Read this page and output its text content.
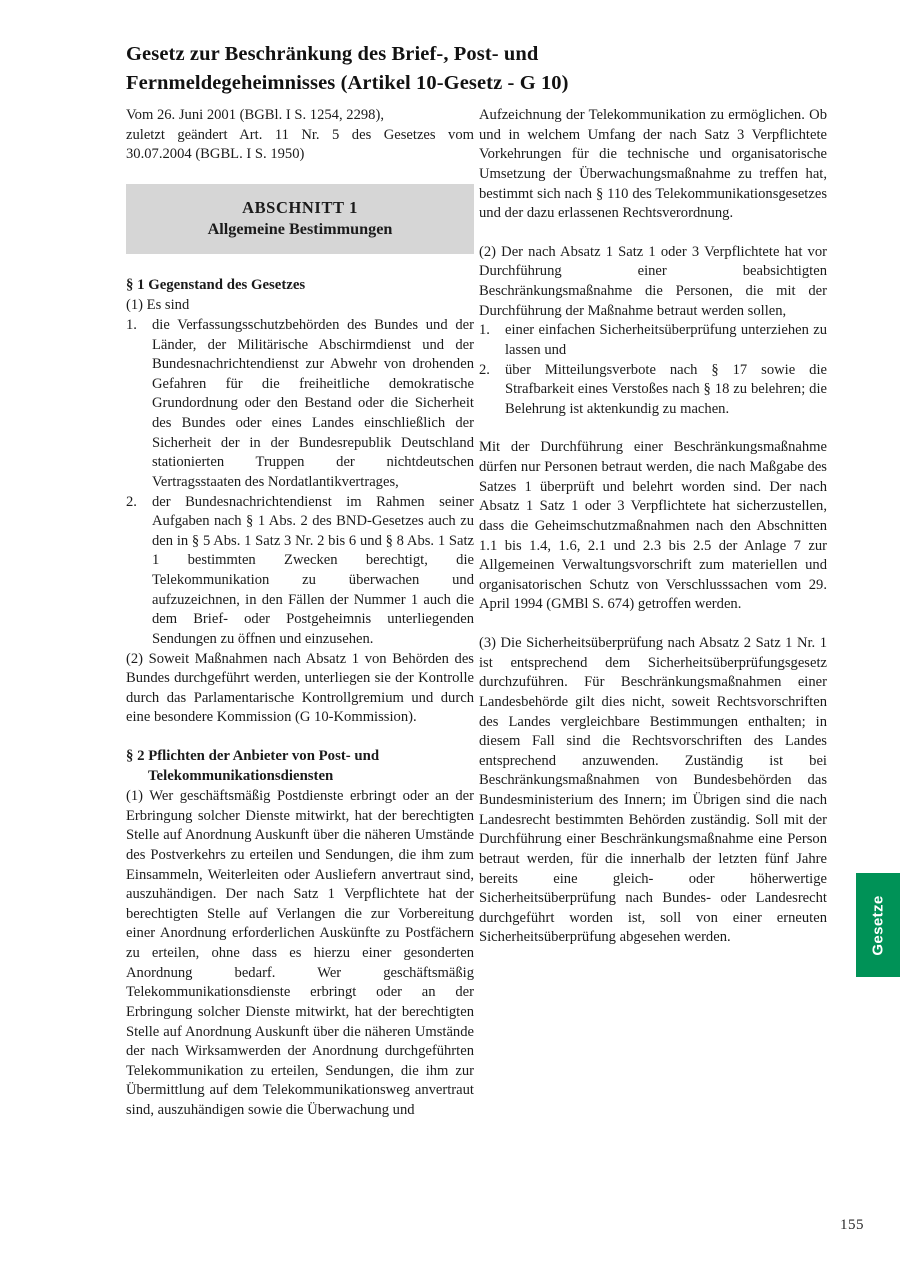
Gesetz zur Beschränkung des Brief-, Post- und
Fernmeldegeheimnisses (Artikel 10-Gesetz - G 10)

Vom 26. Juni 2001 (BGBl. I S. 1254, 2298),
zuletzt geändert Art. 11 Nr. 5 des Gesetzes vom
30.07.2004 (BGBL. I S. 1950)

ABSCHNITT 1
Allgemeine Bestimmungen

§ 1 Gegenstand des Gesetzes

(1) Es sind

1.	die Verfassungsschutzbehörden des Bundes und der Länder, der Militärische Abschirmdienst und der Bundesnachrichtendienst zur Abwehr von drohenden Gefahren für die freiheitliche demokratische Grundordnung oder den Bestand oder die Sicherheit des Bundes oder eines Landes einschließlich der Sicherheit der in der Bundesrepublik Deutschland stationierten Truppen der nichtdeutschen Vertragsstaaten des Nordatlantikvertrages,
2.	der Bundesnachrichtendienst im Rahmen seiner Aufgaben nach § 1 Abs. 2 des BND-Gesetzes auch zu den in § 5 Abs. 1 Satz 3 Nr. 2 bis 6 und § 8 Abs. 1 Satz 1 bestimmten Zwecken berechtigt, die Telekommunikation zu überwachen und aufzuzeichnen, in den Fällen der Nummer 1 auch die dem Brief- oder Postgeheimnis unterliegenden Sendungen zu öffnen und einzusehen.

(2) Soweit Maßnahmen nach Absatz 1 von Behörden des Bundes durchgeführt werden, unterliegen sie der Kontrolle durch das Parlamentarische Kontrollgremium und durch eine besondere Kommission (G 10-Kommission).

§ 2 Pflichten der Anbieter von Post- und
Telekommunikationsdiensten

(1) Wer geschäftsmäßig Postdienste erbringt oder an der Erbringung solcher Dienste mitwirkt, hat der berechtigten Stelle auf Anordnung Auskunft über die näheren Umstände des Postverkehrs zu erteilen und Sendungen, die ihm zum Einsammeln, Weiterleiten oder Ausliefern anvertraut sind, auszuhändigen. Der nach Satz 1 Verpflichtete hat der berechtigten Stelle auf Verlangen die zur Vorbereitung einer Anordnung erforderlichen Auskünfte zu Postfächern zu erteilen, ohne dass es hierzu einer gesonderten Anordnung bedarf. Wer geschäftsmäßig Telekommunikationsdienste erbringt oder an der Erbringung solcher Dienste mitwirkt, hat der berechtigten Stelle auf Anordnung Auskunft über die näheren Umstände der nach Wirksamwerden der Anordnung durchgeführten Telekommunikation zu erteilen, Sendungen, die ihm zur Übermittlung auf dem Telekommunikationsweg anvertraut sind, auszuhändigen sowie die Überwachung und

Aufzeichnung der Telekommunikation zu ermöglichen. Ob und in welchem Umfang der nach Satz 3 Verpflichtete Vorkehrungen für die technische und organisatorische Umsetzung der Überwachungsmaßnahme zu treffen hat, bestimmt sich nach § 110 des Telekommunikationsgesetzes und der dazu erlassenen Rechtsverordnung.

(2) Der nach Absatz 1 Satz 1 oder 3 Verpflichtete hat vor Durchführung einer beabsichtigten Beschränkungsmaßnahme die Personen, die mit der Durchführung der Maßnahme betraut werden sollen,

1.	einer einfachen Sicherheitsüberprüfung unterziehen zu lassen und
2.	über Mitteilungsverbote nach § 17 sowie die Strafbarkeit eines Verstoßes nach § 18 zu belehren; die Belehrung ist aktenkundig zu machen.

Mit der Durchführung einer Beschränkungsmaßnahme dürfen nur Personen betraut werden, die nach Maßgabe des Satzes 1 überprüft und belehrt worden sind. Der nach Absatz 1 Satz 1 oder 3 Verpflichtete hat sicherzustellen, dass die Geheimschutzmaßnahmen nach den Abschnitten 1.1 bis 1.4, 1.6, 2.1 und 2.3 bis 2.5 der Anlage 7 zur Allgemeinen Verwaltungsvorschrift zum materiellen und organisatorischen Schutz von Verschlusssachen vom 29. April 1994 (GMBl S. 674) getroffen werden.

(3) Die Sicherheitsüberprüfung nach Absatz 2 Satz 1 Nr. 1 ist entsprechend dem Sicherheitsüberprüfungsgesetz durchzuführen. Für Beschränkungsmaßnahmen einer Landesbehörde gilt dies nicht, soweit Rechtsvorschriften des Landes vergleichbare Bestimmungen enthalten; in diesem Fall sind die Rechtsvorschriften des Landes entsprechend anzuwenden. Zuständig ist bei Beschränkungsmaßnahmen von Bundesbehörden das Bundesministerium des Innern; im Übrigen sind die nach Landesrecht bestimmten Behörden zuständig. Soll mit der Durchführung einer Beschränkungsmaßnahme eine Person betraut werden, für die innerhalb der letzten fünf Jahre bereits eine gleich- oder höherwertige Sicherheitsüberprüfung nach Bundes- oder Landesrecht durchgeführt worden ist, soll von einer erneuten Sicherheitsüberprüfung abgesehen werden.	Gesetze
155
